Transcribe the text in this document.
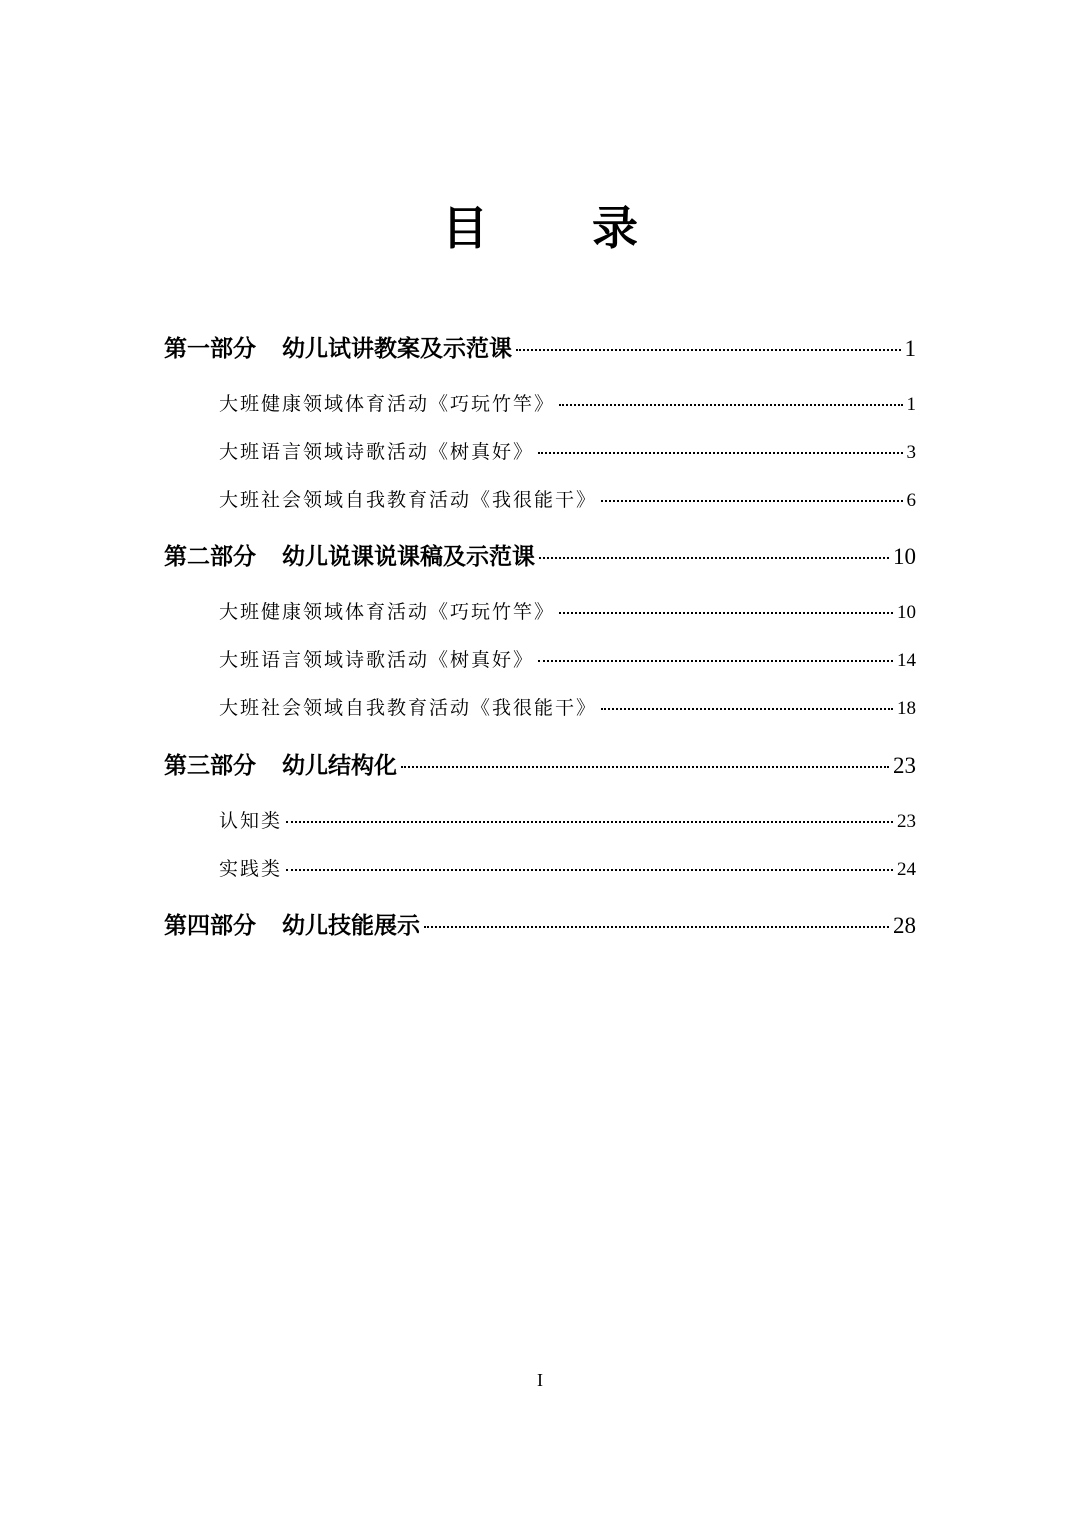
目 录
第一部分 幼儿试讲教案及示范课	1
大班健康领域体育活动《巧玩竹竿》	1
大班语言领域诗歌活动《树真好》	3
大班社会领域自我教育活动《我很能干》	6
第二部分 幼儿说课说课稿及示范课	10
大班健康领域体育活动《巧玩竹竿》	10
大班语言领域诗歌活动《树真好》	14
大班社会领域自我教育活动《我很能干》	18
第三部分 幼儿结构化	23
认知类	23
实践类	24
第四部分 幼儿技能展示	28
I
